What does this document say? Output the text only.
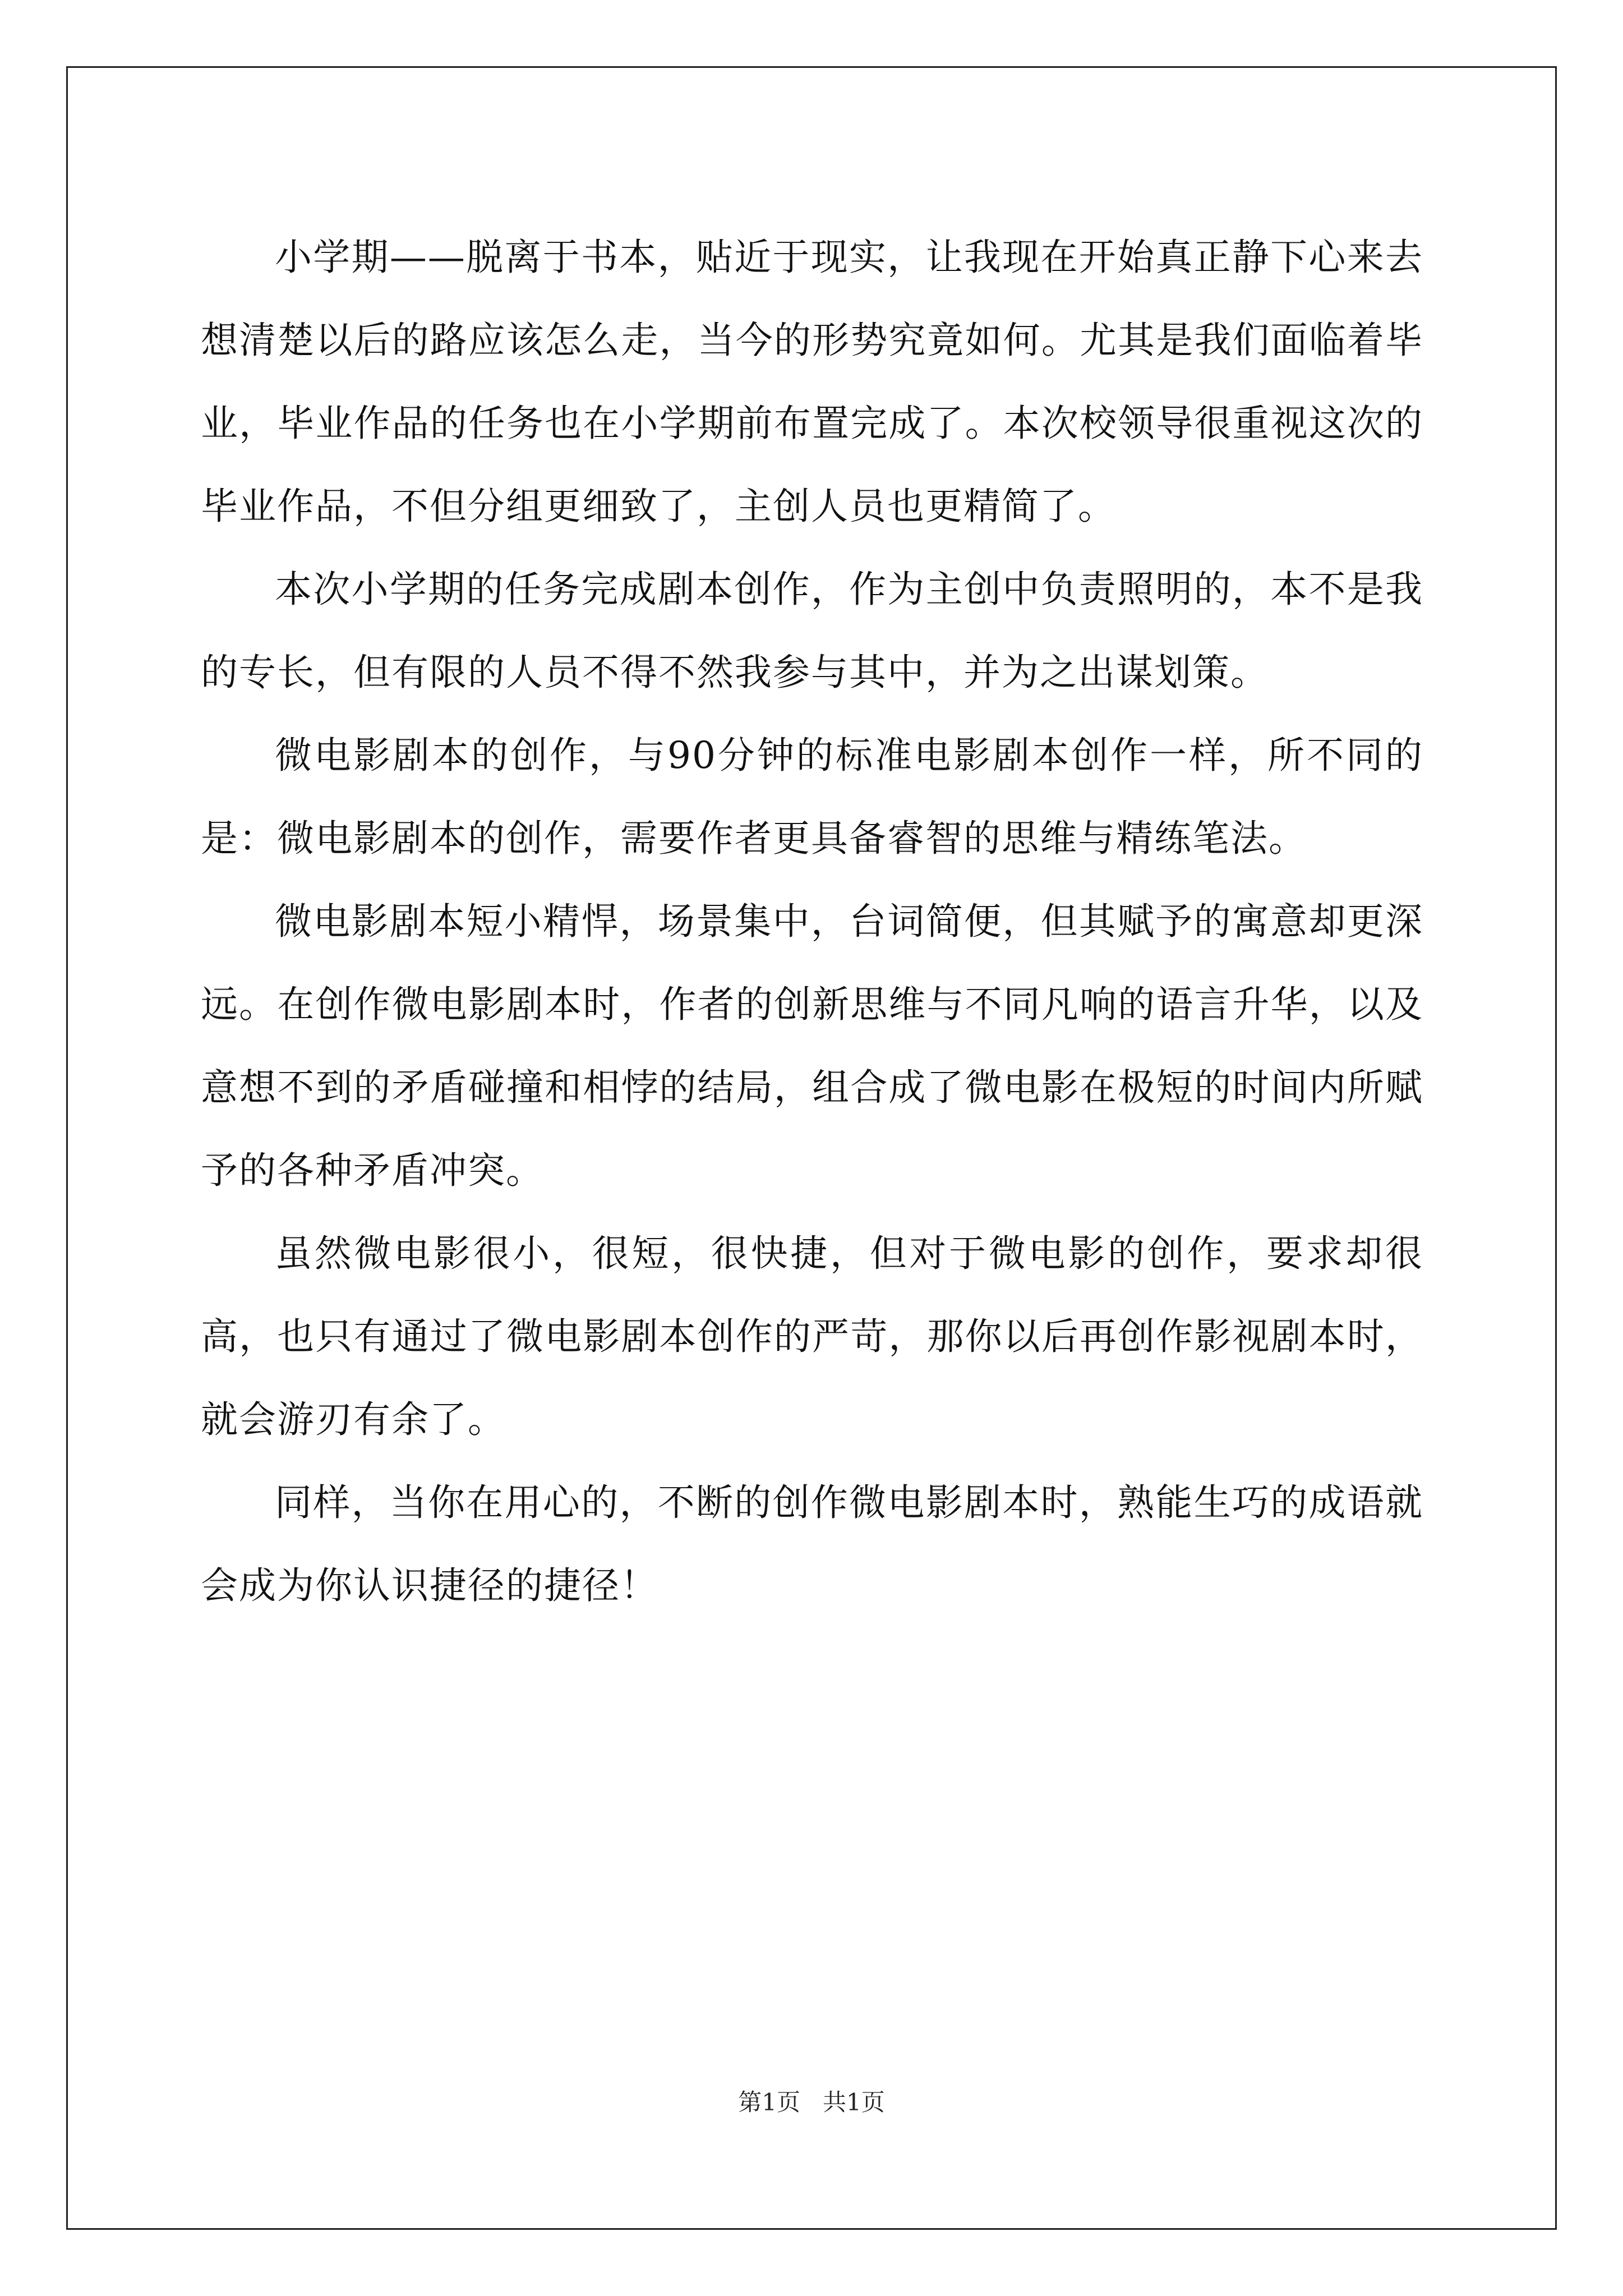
小学期——脱离于书本，贴近于现实，让我现在开始真正静下心来去想清楚以后的路应该怎么走，当今的形势究竟如何。尤其是我们面临着毕业，毕业作品的任务也在小学期前布置完成了。本次校领导很重视这次的毕业作品，不但分组更细致了，主创人员也更精简了。

本次小学期的任务完成剧本创作，作为主创中负责照明的，本不是我的专长，但有限的人员不得不然我参与其中，并为之出谋划策。

微电影剧本的创作，与90分钟的标准电影剧本创作一样，所不同的是：微电影剧本的创作，需要作者更具备睿智的思维与精练笔法。

微电影剧本短小精悍，场景集中，台词简便，但其赋予的寓意却更深远。在创作微电影剧本时，作者的创新思维与不同凡响的语言升华，以及意想不到的矛盾碰撞和相悖的结局，组合成了微电影在极短的时间内所赋予的各种矛盾冲突。

虽然微电影很小，很短，很快捷，但对于微电影的创作，要求却很高，也只有通过了微电影剧本创作的严苛，那你以后再创作影视剧本时，就会游刃有余了。

同样，当你在用心的，不断的创作微电影剧本时，熟能生巧的成语就会成为你认识捷径的捷径！

第1页 共1页
